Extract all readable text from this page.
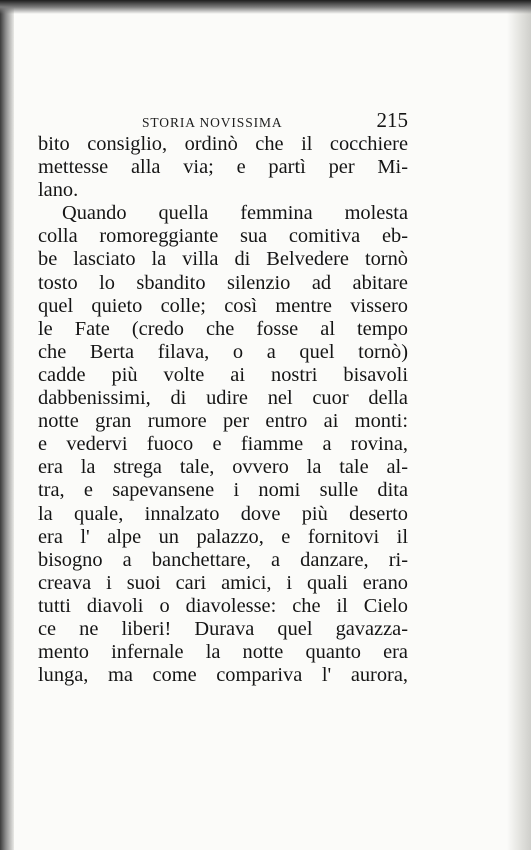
STORIA NOVISSIMA	215
bito consiglio, ordinò che il cocchiere
mettesse alla via; e partì per Mi-
lano.
Quando quella femmina molesta
colla romoreggiante sua comitiva eb-
be lasciato la villa di Belvedere tornò
tosto lo sbandito silenzio ad abitare
quel quieto colle; così mentre vissero
le Fate (credo che fosse al tempo
che Berta filava, o a quel tornò)
cadde più volte ai nostri bisavoli
dabbenissimi, di udire nel cuor della
notte gran rumore per entro ai monti:
e vedervi fuoco e fiamme a rovina,
era la strega tale, ovvero la tale al-
tra, e sapevansene i nomi sulle dita
la quale, innalzato dove più deserto
era l' alpe un palazzo, e fornitovi il
bisogno a banchettare, a danzare, ri-
creava i suoi cari amici, i quali erano
tutti diavoli o diavolesse: che il Cielo
ce ne liberi! Durava quel gavazza-
mento infernale la notte quanto era
lunga, ma come compariva l' aurora,
